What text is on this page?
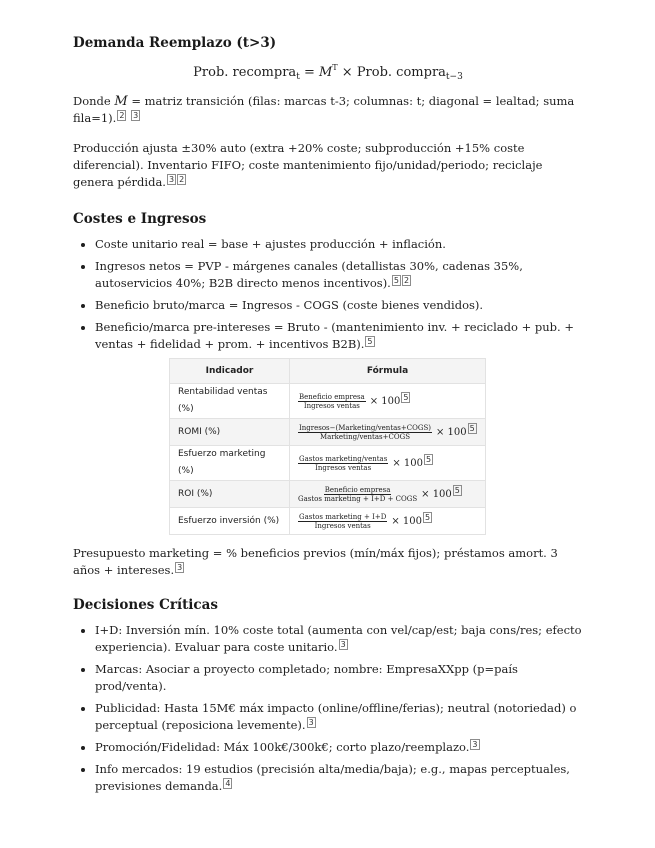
Demanda Reemplazo (t>3)
Prob. recompra$_t$ = $M^T$ × Prob. compra$_{t-3}$

Donde M = matriz transición (filas: marcas t-3; columnas: t; diagonal = lealtad; suma fila=1). 2 3

Producción ajusta ±30% auto (extra +20% coste; subproducción +15% coste diferencial). Inventario FIFO; coste mantenimiento fijo/unidad/periodo; reciclaje genera pérdida. 3 2

Costes e Ingresos
• Coste unitario real = base + ajustes producción + inflación.
• Ingresos netos = PVP - márgenes canales (detallistas 30%, cadenas 35%, autoservicios 40%; B2B directo menos incentivos). 5 2
• Beneficio bruto/marca = Ingresos - COGS (coste bienes vendidos).
• Beneficio/marca pre-intereses = Bruto - (mantenimiento inv. + reciclado + pub. + ventas + fidelidad + prom. + incentivos B2B). 5
Indicador	Fórmula
Rentabilidad ventas (%)	$\frac{\text{Beneficio empresa}}{\text{Ingresos ventas}} \times 100$ 5
ROMI (%)	$\frac{\text{Ingresos−(Marketing/ventas+COGS)}}{\text{Marketing/ventas+COGS}} \times 100$ 5
Esfuerzo marketing (%)	$\frac{\text{Gastos marketing/ventas}}{\text{Ingresos ventas}} \times 100$ 5
ROI (%)	$\frac{\text{Beneficio empresa}}{\text{Gastos marketing + I+D + COGS}} \times 100$ 5
Esfuerzo inversión (%)	$\frac{\text{Gastos marketing + I+D}}{\text{Ingresos ventas}} \times 100$ 5

Presupuesto marketing = % beneficios previos (mín/máx fijos); préstamos amort. 3 años + intereses. 3

Decisiones Críticas
• I+D: Inversión mín. 10% coste total (aumenta con vel/cap/est; baja cons/res; efecto experiencia). Evaluar para coste unitario. 3
• Marcas: Asociar a proyecto completado; nombre: EmpresaXXpp (p=país prod/venta).
• Publicidad: Hasta 15M€ máx impacto (online/offline/ferias); neutral (notoriedad) o perceptual (reposiciona levemente). 3
• Promoción/Fidelidad: Máx 100k€/300k€; corto plazo/reemplazo. 3
• Info mercados: 19 estudios (precisión alta/media/baja); e.g., mapas perceptuales, previsiones demanda. 4
